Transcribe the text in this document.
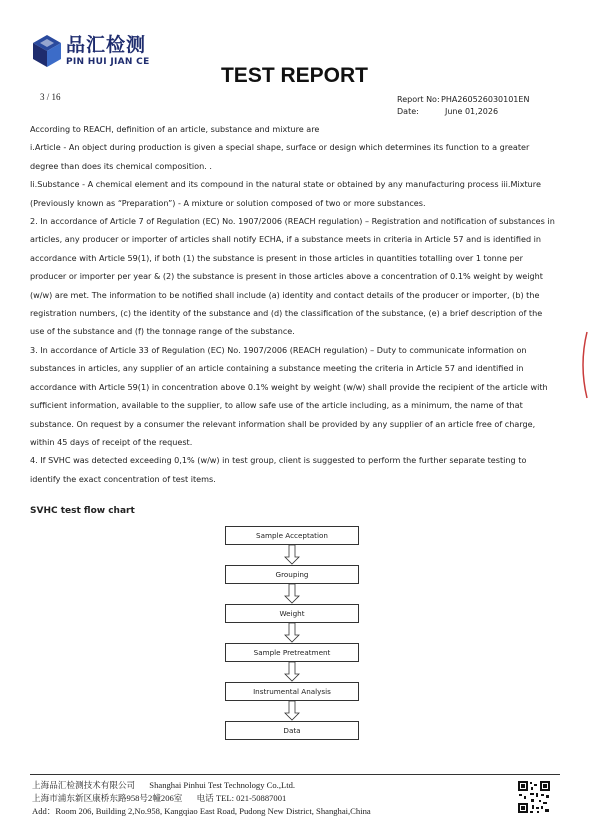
品汇检测
PIN HUI JIAN CE
TEST REPORT
3 / 16	Report No: PHA260526030101EN
Date:	June 01,2026

According to REACH, definition of an article, substance and mixture are

i.Article - An object during production is given a special shape, surface or design which determines its function to a greater degree than does its chemical composition. .

Ii.Substance - A chemical element and its compound in the natural state or obtained by any manufacturing process iii.Mixture (Previously known as “Preparation”) - A mixture or solution composed of two or more substances.

2. In accordance of Article 7 of Regulation (EC) No. 1907/2006 (REACH regulation) – Registration and notification of substances in articles, any producer or importer of articles shall notify ECHA, if a substance meets in criteria in Article 57 and is identified in accordance with Article 59(1), if both (1) the substance is present in those articles in quantities totalling over 1 tonne per producer or importer per year & (2) the substance is present in those articles above a concentration of 0.1% weight by weight (w/w) are met. The information to be notified shall include (a) identity and contact details of the producer or importer, (b) the registration numbers, (c) the identity of the substance and (d) the classification of the substance, (e) a brief description of the use of the substance and (f) the tonnage range of the substance.

3. In accordance of Article 33 of Regulation (EC) No. 1907/2006 (REACH regulation) – Duty to communicate information on substances in articles, any supplier of an article containing a substance meeting the criteria in Article 57 and identified in accordance with Article 59(1) in concentration above 0.1% weight by weight (w/w) shall provide the recipient of the article with sufficient information, available to the supplier, to allow safe use of the article including, as a minimum, the name of that substance. On request by a consumer the relevant information shall be provided by any supplier of an article free of charge, within 45 days of receipt of the request.

4. If SVHC was detected exceeding 0,1% (w/w) in test group, client is suggested to perform the further separate testing to identify the exact concentration of test items.

SVHC test flow chart
Sample Acceptation
Grouping
Weight
Sample Pretreatment
Instrumental Analysis
Data
上海品汇检测技术有限公司 Shanghai Pinhui Test Technology Co.,Ltd.
上海市浦东新区康桥东路958号2幢206室 电话 TEL: 021-50887001
Add：Room 206, Building 2,No.958, Kangqiao East Road, Pudong New District, Shanghai,China
